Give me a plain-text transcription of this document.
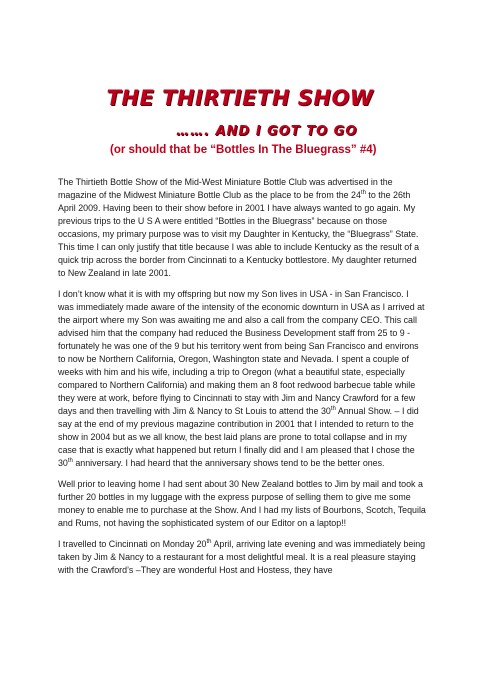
THE THIRTIETH SHOW
……. AND I GOT TO GO
(or should that be “Bottles In The Bluegrass” #4)

The Thirtieth Bottle Show of the Mid-West Miniature Bottle Club was advertised in the magazine of the Midwest Miniature Bottle Club as the place to be from the 24th to the 26th April 2009. Having been to their show before in 2001 I have always wanted to go again. My previous trips to the U S A were entitled “Bottles in the Bluegrass” because on those occasions, my primary purpose was to visit my Daughter in Kentucky, the “Bluegrass” State. This time I can only justify that title because I was able to include Kentucky as the result of a quick trip across the border from Cincinnati to a Kentucky bottlestore. My daughter returned to New Zealand in late 2001.

I don’t know what it is with my offspring but now my Son lives in USA - in San Francisco. I was immediately made aware of the intensity of the economic downturn in USA as I arrived at the airport where my Son was awaiting me and also a call from the company CEO. This call advised him that the company had reduced the Business Development staff from 25 to 9 - fortunately he was one of the 9 but his territory went from being San Francisco and environs to now be Northern California, Oregon, Washington state and Nevada. I spent a couple of weeks with him and his wife, including a trip to Oregon (what a beautiful state, especially compared to Northern California) and making them an 8 foot redwood barbecue table while they were at work, before flying to Cincinnati to stay with Jim and Nancy Crawford for a few days and then travelling with Jim & Nancy to St Louis to attend the 30th Annual Show. – I did say at the end of my previous magazine contribution in 2001 that I intended to return to the show in 2004 but as we all know, the best laid plans are prone to total collapse and in my case that is exactly what happened but return I finally did and I am pleased that I chose the 30th anniversary. I had heard that the anniversary shows tend to be the better ones.

Well prior to leaving home I had sent about 30 New Zealand bottles to Jim by mail and took a further 20 bottles in my luggage with the express purpose of selling them to give me some money to enable me to purchase at the Show. And I had my lists of Bourbons, Scotch, Tequila and Rums, not having the sophisticated system of our Editor on a laptop!!

I travelled to Cincinnati on Monday 20th April, arriving late evening and was immediately being taken by Jim & Nancy to a restaurant for a most delightful meal. It is a real pleasure staying with the Crawford’s –They are wonderful Host and Hostess, they have
